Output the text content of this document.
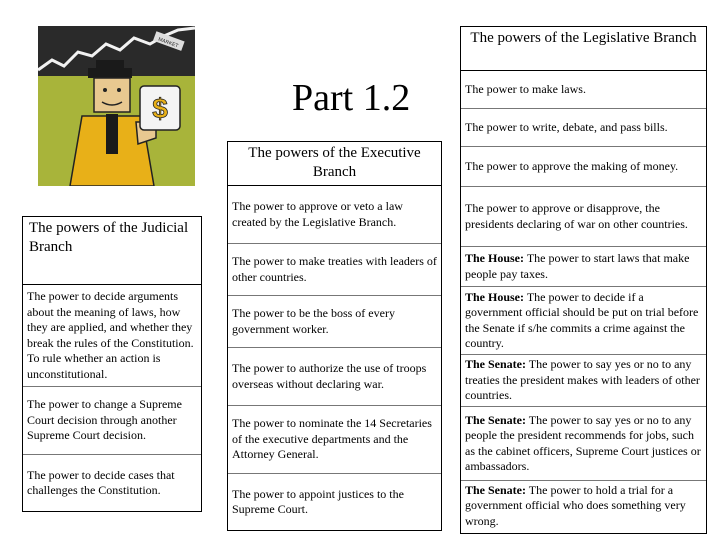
MARKET
$	Part 1.2
The powers of the Legislative Branch
The power to make laws.
The power to write, debate, and pass bills.
The power to approve the making of money.
The power to approve or disapprove, the presidents declaring of war on other countries.
The House: The power to start laws that make people pay taxes.
The House: The power to decide if a government official should be put on trial before the Senate if s/he commits a crime against the country.
The Senate: The power to say yes or no to any treaties the president makes with leaders of other countries.
The Senate: The power to say yes or no to any people the president recommends for jobs, such as the cabinet officers, Supreme Court justices or ambassadors.
The Senate: The power to hold a trial for a government official who does something very wrong.
The powers of the Executive Branch
The power to approve or veto a law created by the Legislative Branch.
The power to make treaties with leaders of other countries.
The power to be the boss of every government worker.
The power to authorize the use of troops overseas without declaring war.
The power to nominate the 14 Secretaries of the executive departments and the Attorney General.
The power to appoint justices to the Supreme Court.
The powers of the Judicial Branch
The power to decide arguments about the meaning of laws, how they are applied, and whether they break the rules of the Constitution. To rule whether an action is unconstitutional.
The power to change a Supreme Court decision through another Supreme Court decision.
The power to decide cases that challenges the Constitution.
